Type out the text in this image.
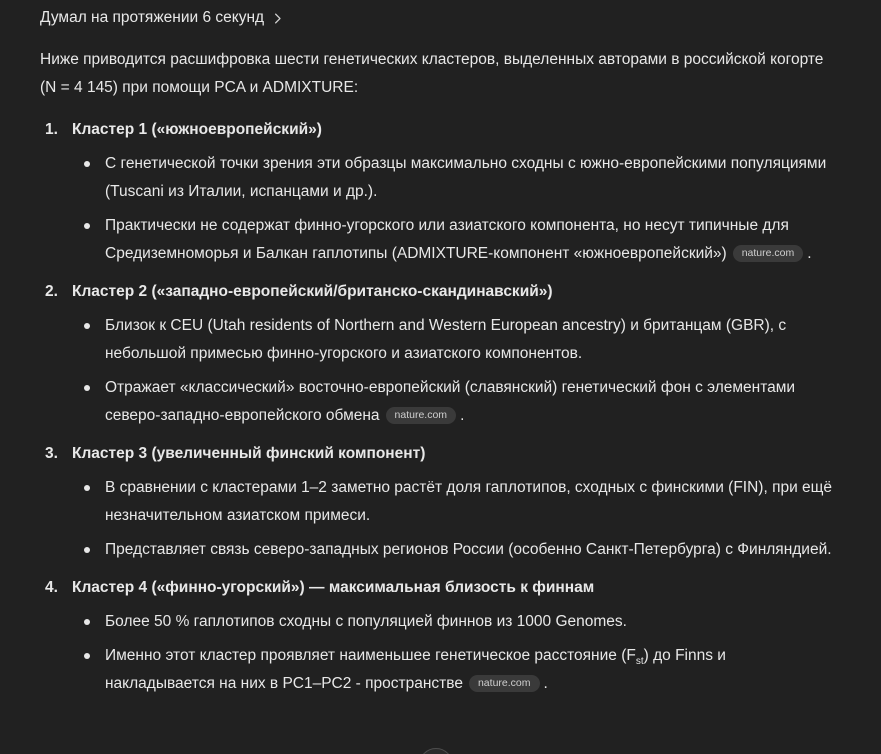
Думал на протяжении 6 секунд

Ниже приводится расшифровка шести генетических кластеров, выделенных авторами в российской когорте (N = 4 145) при помощи PCA и ADMIXTURE:

1. Кластер 1 («южноевропейский»)
С генетической точки зрения эти образцы максимально сходны с южно-европейскими популяциями (Tuscani из Италии, испанцами и др.).
Практически не содержат финно-угорского или азиатского компонента, но несут типичные для Средиземноморья и Балкан гаплотипы (ADMIXTURE-компонент «южноевропейский») nature.com .
2. Кластер 2 («западно-европейский/британско-скандинавский»)
Близок к CEU (Utah residents of Northern and Western European ancestry) и британцам (GBR), с небольшой примесью финно-угорского и азиатского компонентов.
Отражает «классический» восточно-европейский (славянский) генетический фон с элементами северо-западно-европейского обмена nature.com .
3. Кластер 3 (увеличенный финский компонент)
В сравнении с кластерами 1–2 заметно растёт доля гаплотипов, сходных с финскими (FIN), при ещё незначительном азиатском примеси.
Представляет связь северо-западных регионов России (особенно Санкт-Петербурга) с Финляндией.
4. Кластер 4 («финно-угорский») — максимальная близость к финнам
Более 50 % гаплотипов сходны с популяцией финнов из 1000 Genomes.
Именно этот кластер проявляет наименьшее генетическое расстояние $(F_{st})$ до Finns и накладывается на них в PC1–PC2 - пространстве nature.com .
